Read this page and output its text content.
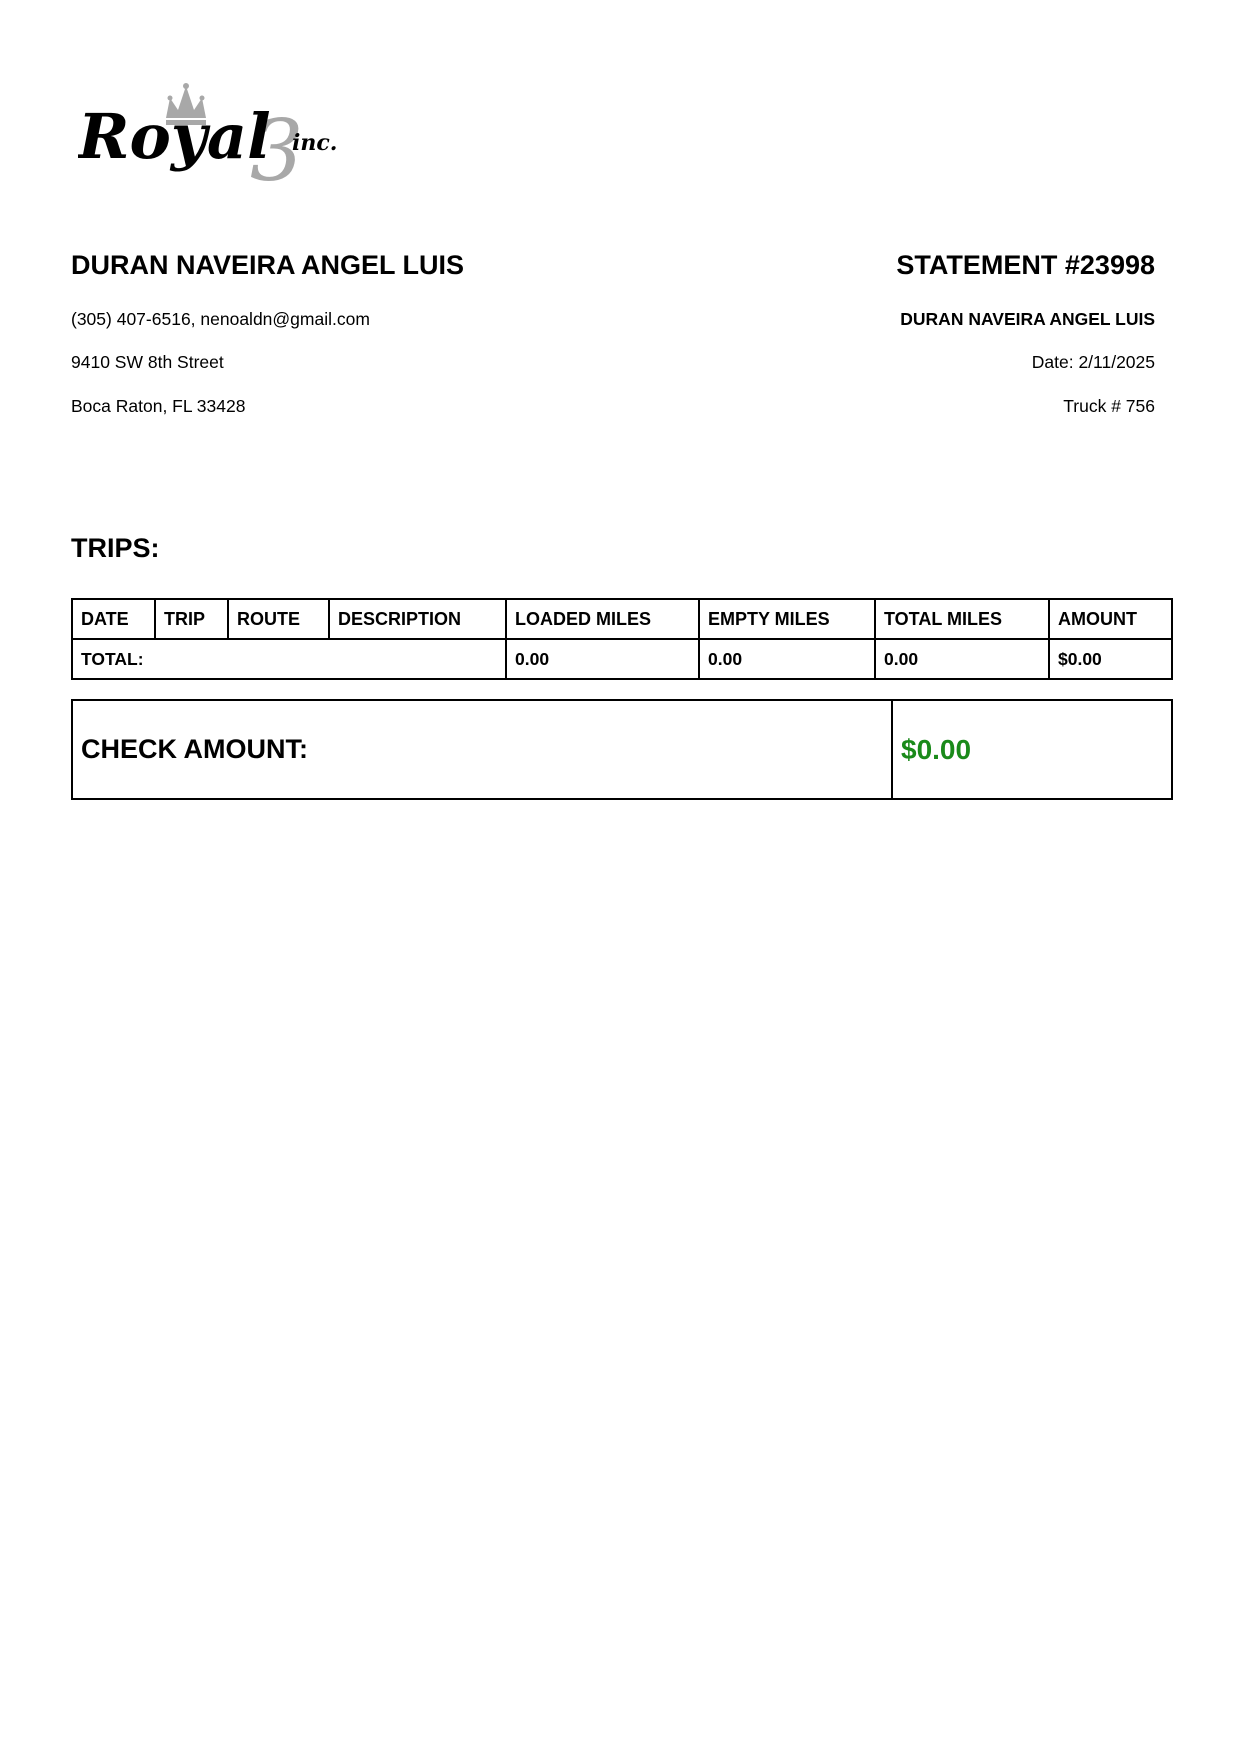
3
Royal inc.
DURAN NAVEIRA ANGEL LUIS	STATEMENT #23998
(305) 407-6516, nenoaldn@gmail.com
9410 SW 8th Street
Boca Raton, FL 33428
DURAN NAVEIRA ANGEL LUIS
Date: 2/11/2025
Truck # 756
TRIPS:
DATE	TRIP	ROUTE	DESCRIPTION	LOADED MILES	EMPTY MILES	TOTAL MILES	AMOUNT
TOTAL:				0.00	0.00	0.00	$0.00
CHECK AMOUNT:	$0.00
